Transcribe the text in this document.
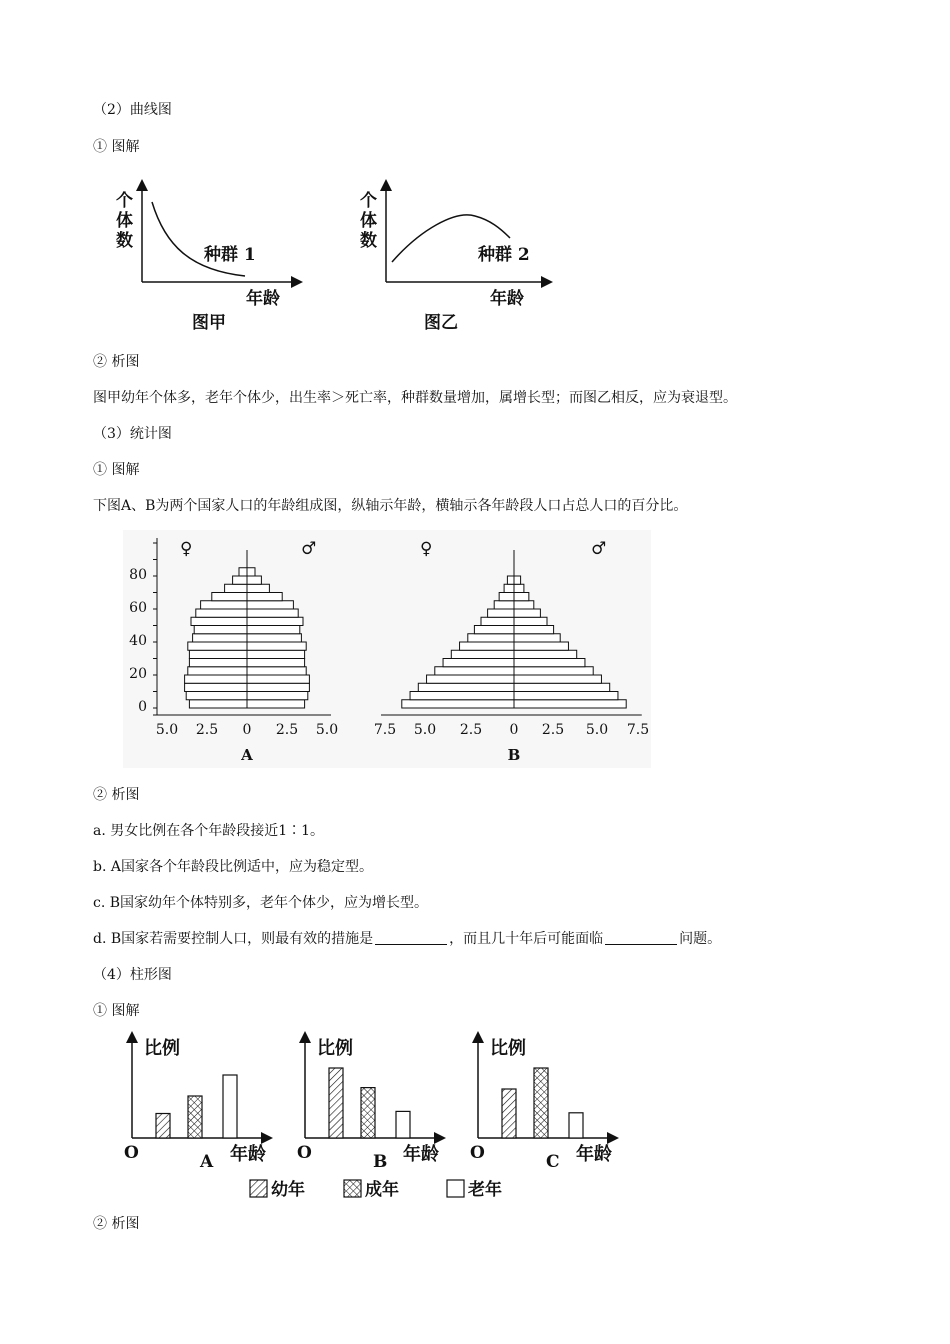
（2）曲线图
① 图解
个
体
数
种群 1
年龄
图甲
个
体
数
种群 2
年龄
图乙
② 析图
图甲幼年个体多，老年个体少，出生率＞死亡率，种群数量增加，属增长型；而图乙相反，应为衰退型。
（3）统计图
① 图解
下图A、B为两个国家人口的年龄组成图，纵轴示年龄，横轴示各年龄段人口占总人口的百分比。
♀	♂
0
20
40
60
80
5.0 2.5 0 2.5 5.0
A
♀	♂
7.5 5.0 2.5 0 2.5 5.0 7.5
B
② 析图
a. 男女比例在各个年龄段接近1∶1。
b. A国家各个年龄段比例适中，应为稳定型。
c. B国家幼年个体特别多，老年个体少，应为增长型。
d. B国家若需要控制人口，则最有效的措施是	，而且几十年后可能面临	问题。
（4）柱形图
① 图解
比例
O	年龄
A
比例
O	年龄
B
比例
O	年龄
C
幼年	成年	老年
② 析图
